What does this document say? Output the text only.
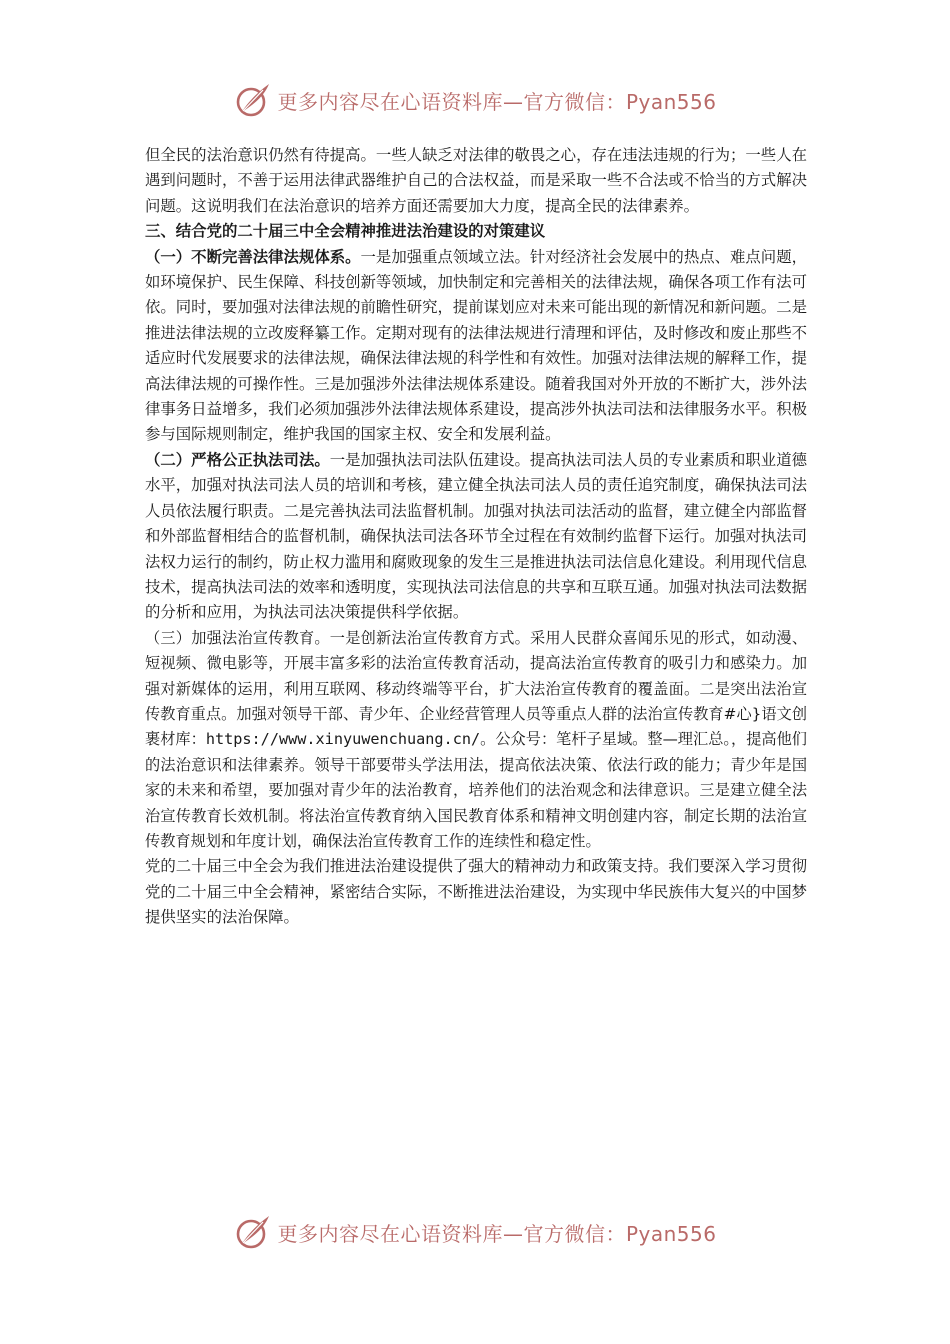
更多内容尽在心语资料库—官方微信：Pyan556

但全民的法治意识仍然有待提高。一些人缺乏对法律的敬畏之心，存在违法违规的行为；一些人在遇到问题时，不善于运用法律武器维护自己的合法权益，而是采取一些不合法或不恰当的方式解决问题。这说明我们在法治意识的培养方面还需要加大力度，提高全民的法律素养。

三、结合党的二十届三中全会精神推进法治建设的对策建议

（一）不断完善法律法规体系。一是加强重点领域立法。针对经济社会发展中的热点、难点问题，如环境保护、民生保障、科技创新等领域，加快制定和完善相关的法律法规，确保各项工作有法可依。同时，要加强对法律法规的前瞻性研究，提前谋划应对未来可能出现的新情况和新问题。二是推进法律法规的立改废释纂工作。定期对现有的法律法规进行清理和评估，及时修改和废止那些不适应时代发展要求的法律法规，确保法律法规的科学性和有效性。加强对法律法规的解释工作，提高法律法规的可操作性。三是加强涉外法律法规体系建设。随着我国对外开放的不断扩大，涉外法律事务日益增多，我们必须加强涉外法律法规体系建设，提高涉外执法司法和法律服务水平。积极参与国际规则制定，维护我国的国家主权、安全和发展利益。

（二）严格公正执法司法。一是加强执法司法队伍建设。提高执法司法人员的专业素质和职业道德水平，加强对执法司法人员的培训和考核，建立健全执法司法人员的责任追究制度，确保执法司法人员依法履行职责。二是完善执法司法监督机制。加强对执法司法活动的监督，建立健全内部监督和外部监督相结合的监督机制，确保执法司法各环节全过程在有效制约监督下运行。加强对执法司法权力运行的制约，防止权力滥用和腐败现象的发生三是推进执法司法信息化建设。利用现代信息技术，提高执法司法的效率和透明度，实现执法司法信息的共享和互联互通。加强对执法司法数据的分析和应用，为执法司法决策提供科学依据。

（三）加强法治宣传教育。一是创新法治宣传教育方式。采用人民群众喜闻乐见的形式，如动漫、短视频、微电影等，开展丰富多彩的法治宣传教育活动，提高法治宣传教育的吸引力和感染力。加强对新媒体的运用，利用互联网、移动终端等平台，扩大法治宣传教育的覆盖面。二是突出法治宣传教育重点。加强对领导干部、青少年、企业经营管理人员等重点人群的法治宣传教育#心}语文创裹材库：https://www.xinyuwenchuang.cn/。公众号：笔杆子星域。整—理汇总。，提高他们的法治意识和法律素养。领导干部要带头学法用法，提高依法决策、依法行政的能力；青少年是国家的未来和希望，要加强对青少年的法治教育，培养他们的法治观念和法律意识。三是建立健全法治宣传教育长效机制。将法治宣传教育纳入国民教育体系和精神文明创建内容，制定长期的法治宣传教育规划和年度计划，确保法治宣传教育工作的连续性和稳定性。

党的二十届三中全会为我们推进法治建设提供了强大的精神动力和政策支持。我们要深入学习贯彻党的二十届三中全会精神，紧密结合实际，不断推进法治建设，为实现中华民族伟大复兴的中国梦提供坚实的法治保障。

更多内容尽在心语资料库—官方微信：Pyan556
